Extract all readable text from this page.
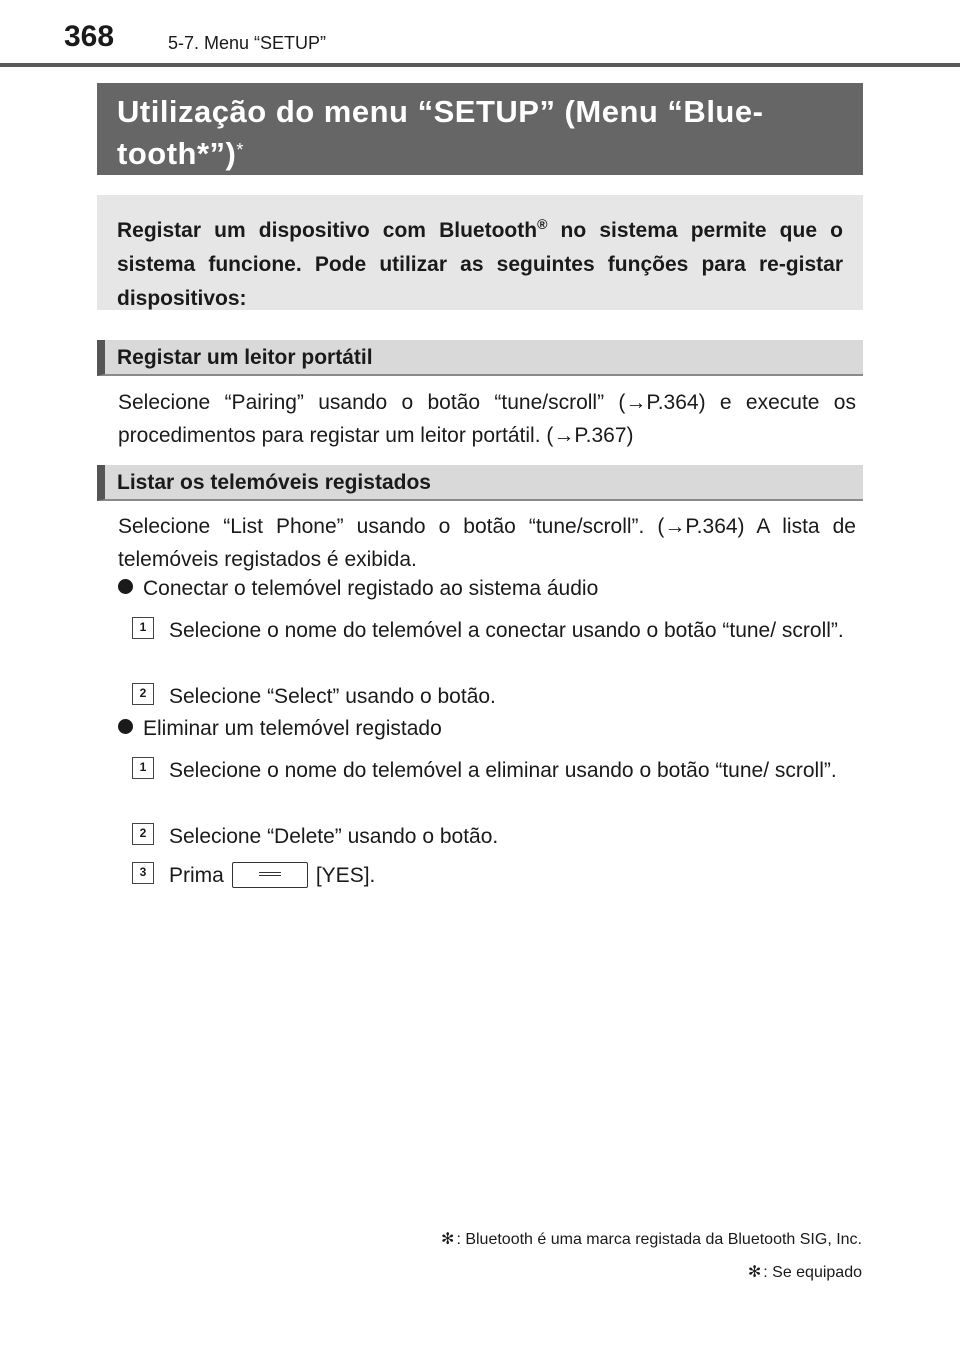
368	5-7. Menu “SETUP”

Utilização do menu “SETUP” (Menu “Blue-tooth*”)*

Registar um dispositivo com Bluetooth® no sistema permite que o sistema funcione. Pode utilizar as seguintes funções para re-gistar dispositivos:

Registar um leitor portátil

Selecione “Pairing” usando o botão “tune/scroll” (→P.364) e execute os procedimentos para registar um leitor portátil. (→P.367)

Listar os telemóveis registados

Selecione “List Phone” usando o botão “tune/scroll”. (→P.364) A lista de telemóveis registados é exibida.

Conectar o telemóvel registado ao sistema áudio

1	Selecione o nome do telemóvel a conectar usando o botão “tune/ scroll”.
2	Selecione “Select” usando o botão.

Eliminar um telemóvel registado

1	Selecione o nome do telemóvel a eliminar usando o botão “tune/ scroll”.
2	Selecione “Delete” usando o botão.
3	Prima	[YES].

✻ : Bluetooth é uma marca registada da Bluetooth SIG, Inc.

✻ : Se equipado
